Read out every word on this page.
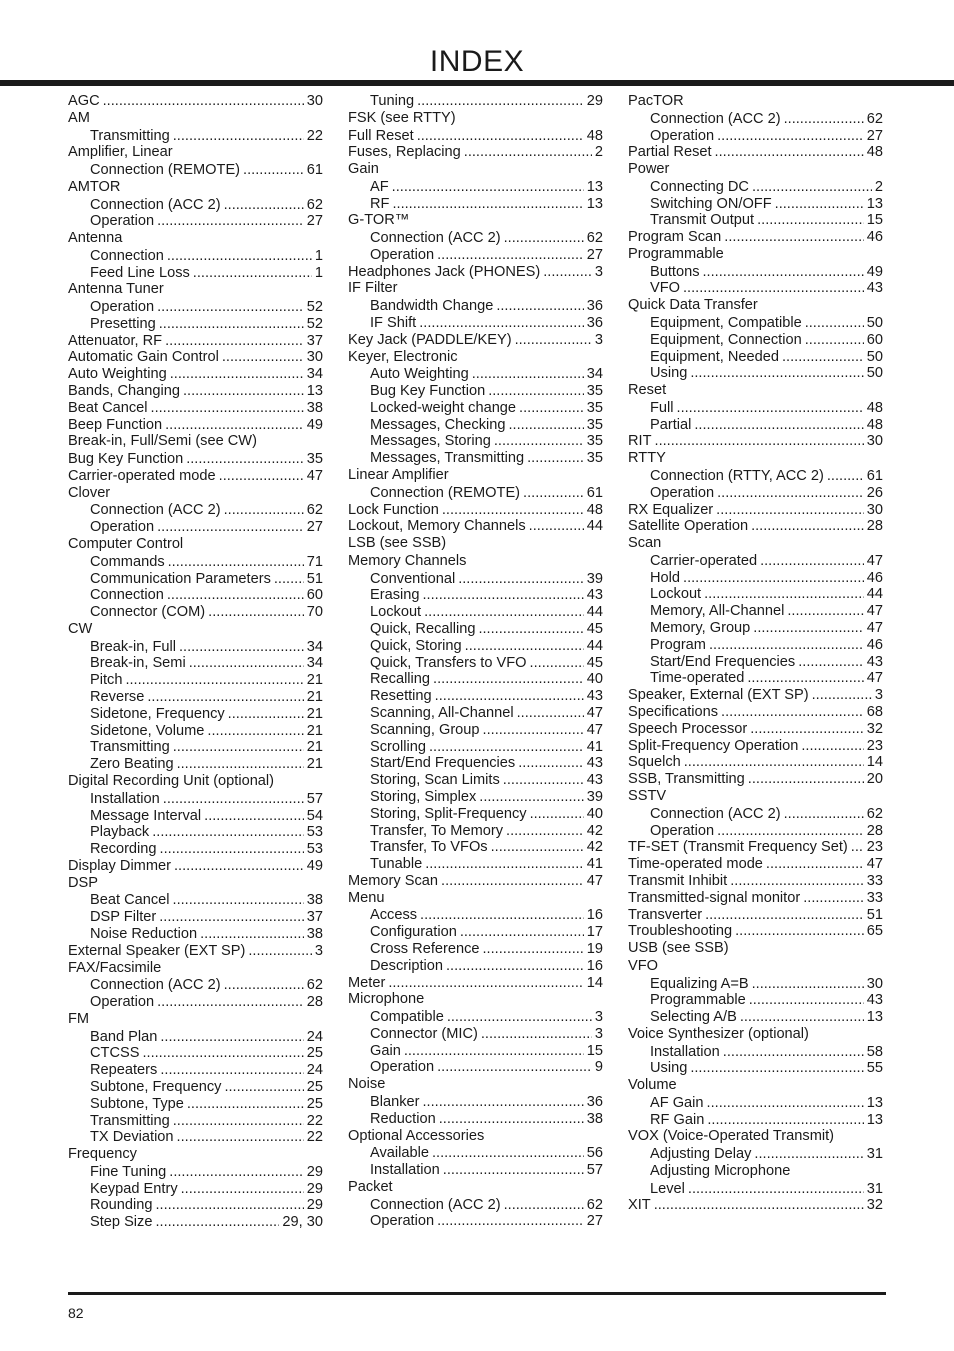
INDEX
AGC .....	30
AM
Transmitting .....	22
Amplifier, Linear
Connection (REMOTE) .....	61
AMTOR
Connection (ACC 2) .....	62
Operation .....	27
Antenna
Connection .....	1
Feed Line Loss .....	1
Antenna Tuner
Operation .....	52
Presetting .....	52
Attenuator, RF .....	37
Automatic Gain Control .....	30
Auto Weighting .....	34
Bands, Changing .....	13
Beat Cancel .....	38
Beep Function .....	49
Break-in, Full/Semi (see CW)
Bug Key Function .....	35
Carrier-operated mode .....	47
Clover
Connection (ACC 2) .....	62
Operation .....	27
Computer Control
Commands .....	71
Communication Parameters ..... 51
Connection .....	60
Connector (COM) .....	70
CW
Break-in, Full .....	34
Break-in, Semi .....	34
Pitch .....	21
Reverse .....	21
Sidetone, Frequency .....	21
Sidetone, Volume .....	21
Transmitting .....	21
Zero Beating .....	21
Digital Recording Unit (optional)
Installation .....	57
Message Interval .....	54
Playback .....	53
Recording .....	53
Display Dimmer .....	49
DSP
Beat Cancel .....	38
DSP Filter .....	37
Noise Reduction .....	38
External Speaker (EXT SP) .....	3
FAX/Facsimile
Connection (ACC 2) .....	62
Operation .....	28
FM
Band Plan .....	24
CTCSS .....	25
Repeaters .....	24
Subtone, Frequency .....	25
Subtone, Type .....	25
Transmitting .....	22
TX Deviation .....	22
Frequency
Fine Tuning .....	29
Keypad Entry .....	29
Rounding .....	29
Step Size .....	29, 30
Tuning .....	29
FSK (see RTTY)
Full Reset .....	48
Fuses, Replacing .....	2
Gain
AF .....	13
RF .....	13
G-TOR™
Connection (ACC 2) .....	62
Operation .....	27
Headphones Jack (PHONES) .....	3
IF Filter
Bandwidth Change .....	36
IF Shift .....	36
Key Jack (PADDLE/KEY) .....	3
Keyer, Electronic
Auto Weighting .....	34
Bug Key Function .....	35
Locked-weight change .....	35
Messages, Checking .....	35
Messages, Storing .....	35
Messages, Transmitting .....	35
Linear Amplifier
Connection (REMOTE) .....	61
Lock Function .....	48
Lockout, Memory Channels .....	44
LSB (see SSB)
Memory Channels
Conventional .....	39
Erasing .....	43
Lockout .....	44
Quick, Recalling .....	45
Quick, Storing .....	44
Quick, Transfers to VFO .....	45
Recalling .....	40
Resetting .....	43
Scanning, All-Channel .....	47
Scanning, Group .....	47
Scrolling .....	41
Start/End Frequencies .....	43
Storing, Scan Limits .....	43
Storing, Simplex .....	39
Storing, Split-Frequency .....	40
Transfer, To Memory .....	42
Transfer, To VFOs .....	42
Tunable .....	41
Memory Scan .....	47
Menu
Access .....	16
Configuration .....	17
Cross Reference .....	19
Description .....	16
Meter .....	14
Microphone
Compatible .....	3
Connector (MIC) .....	3
Gain .....	15
Operation .....	9
Noise
Blanker .....	36
Reduction .....	38
Optional Accessories
Available .....	56
Installation .....	57
Packet
Connection (ACC 2) .....	62
Operation .....	27
PacTOR
Connection (ACC 2) .....	62
Operation .....	27
Partial Reset .....	48
Power
Connecting DC .....	2
Switching ON/OFF .....	13
Transmit Output .....	15
Program Scan .....	46
Programmable
Buttons .....	49
VFO .....	43
Quick Data Transfer
Equipment, Compatible .....	50
Equipment, Connection .....	60
Equipment, Needed .....	50
Using .....	50
Reset
Full .....	48
Partial .....	48
RIT .....	30
RTTY
Connection (RTTY, ACC 2) .....	61
Operation .....	26
RX Equalizer .....	30
Satellite Operation .....	28
Scan
Carrier-operated .....	47
Hold .....	46
Lockout .....	44
Memory, All-Channel .....	47
Memory, Group .....	47
Program .....	46
Start/End Frequencies .....	43
Time-operated .....	47
Speaker, External (EXT SP) .....	3
Specifications .....	68
Speech Processor .....	32
Split-Frequency Operation .....	23
Squelch .....	14
SSB, Transmitting .....	20
SSTV
Connection (ACC 2) .....	62
Operation .....	28
TF-SET (Transmit Frequency Set) ..... 23
Time-operated mode .....	47
Transmit Inhibit .....	33
Transmitted-signal monitor .....	33
Transverter .....	51
Troubleshooting .....	65
USB (see SSB)
VFO
Equalizing A=B .....	30
Programmable .....	43
Selecting A/B .....	13
Voice Synthesizer (optional)
Installation .....	58
Using .....	55
Volume
AF Gain .....	13
RF Gain .....	13
VOX (Voice-Operated Transmit)
Adjusting Delay .....	31
Adjusting Microphone
Level .....	31
XIT .....	32
82
